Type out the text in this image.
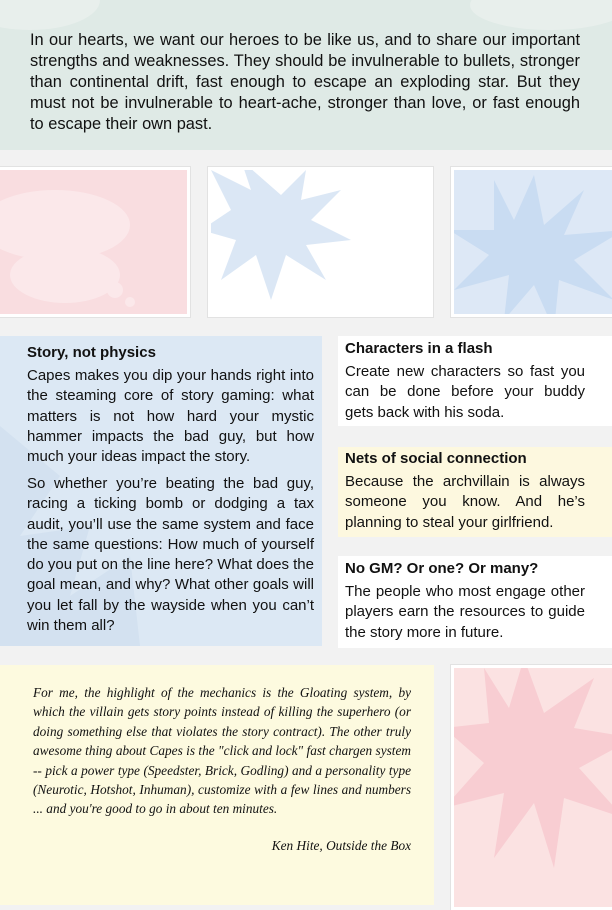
In our hearts, we want our heroes to be like us, and to share our important strengths and weaknesses. They should be invulnerable to bullets, stronger than continental drift, fast enough to escape an exploding star. But they must not be invulnerable to heart-ache, stronger than love, or fast enough to escape their own past.

Story, not physics

Capes makes you dip your hands right into the steaming core of story gaming: what matters is not how hard your mystic hammer impacts the bad guy, but how much your ideas impact the story.

So whether you’re beating the bad guy, racing a ticking bomb or dodging a tax audit, you’ll use the same system and face the same questions: How much of yourself do you put on the line here? What does the goal mean, and why? What other goals will you let fall by the wayside when you can’t win them all?

Characters in a flash

Create new characters so fast you can be done before your buddy gets back with his soda.

Nets of social connection

Because the archvillain is always someone you know. And he’s planning to steal your girlfriend.

No GM? Or one? Or many?

The people who most engage other players earn the resources to guide the story more in future.

For me, the highlight of the mechanics is the Gloating system, by which the villain gets story points instead of killing the superhero (or doing something else that violates the story contract). The other truly awesome thing about Capes is the "click and lock" fast chargen system -- pick a power type (Speedster, Brick, Godling) and a personality type (Neurotic, Hotshot, Inhuman), customize with a few lines and numbers ... and you're good to go in about ten minutes.

Ken Hite, Outside the Box
